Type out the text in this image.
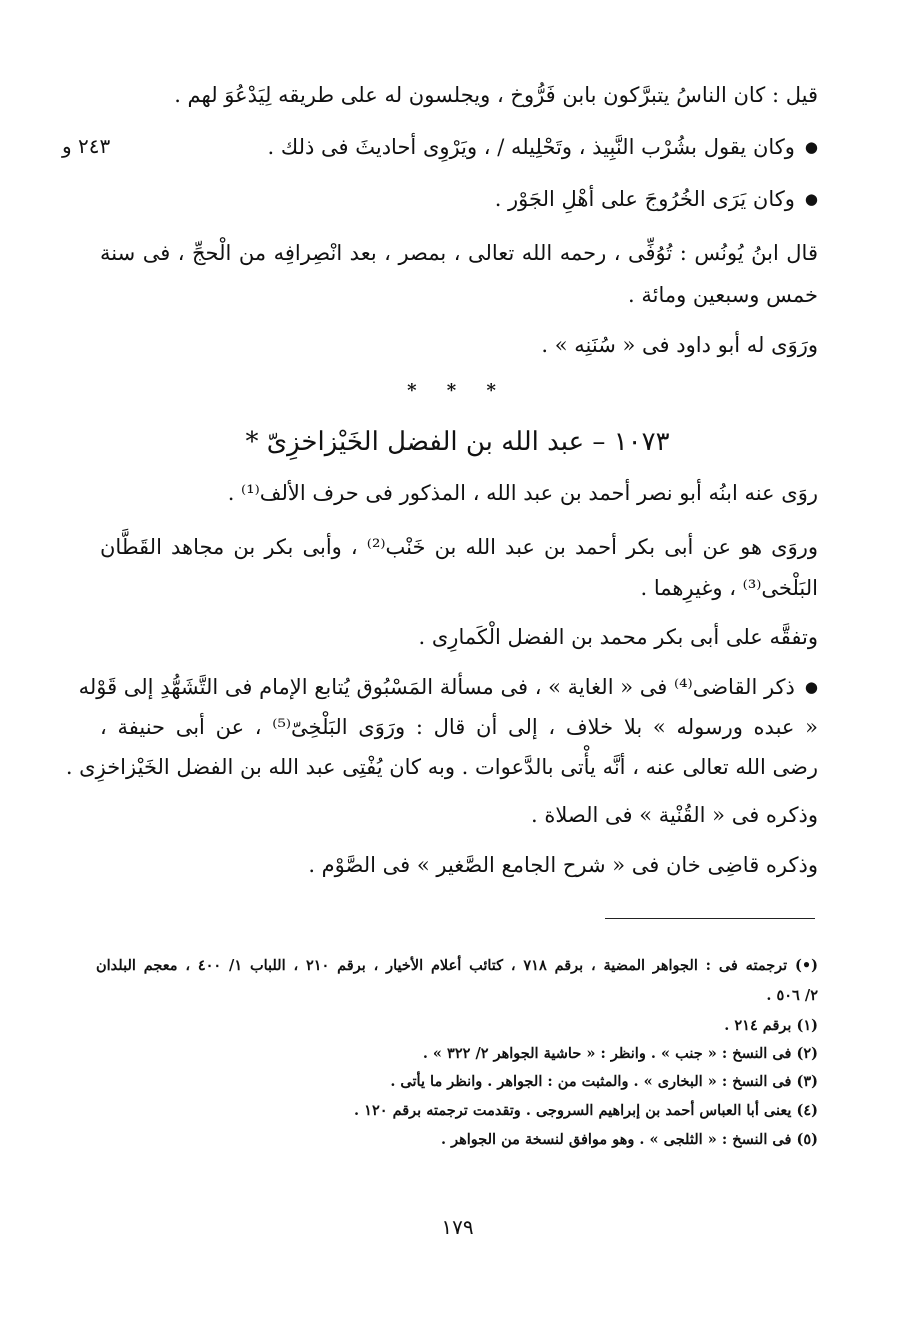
قيل : كان الناسُ يتبرَّكون بابن فَرُّوخ ، ويجلسون له على طريقه لِيَدْعُوَ لهم .
● وكان يقول بشُرْب النَّبِيذ ، وتَحْلِيله / ، ويَرْوِى أحاديثَ فى ذلك .
٢٤٣ و
● وكان يَرَى الخُرُوجَ على أهْلِ الجَوْر .
قال ابنُ يُونُس : تُوُفِّى ، رحمه الله تعالى ، بمصر ، بعد انْصِرافِه من الْحجِّ ، فى سنة
خمس وسبعين ومائة .
ورَوَى له أبو داود فى « سُنَنِه » .
* * *
١٠٧٣ – عبد الله بن الفضل الخَيْزاخزِىّ *
روَى عنه ابنُه أبو نصر أحمد بن عبد الله ، المذكور فى حرف الألف⁽¹⁾ .
وروَى هو عن أبى بكر أحمد بن عبد الله بن خَنْب⁽²⁾ ، وأبى بكر بن مجاهد القَطَّان
البَلْخى⁽³⁾ ، وغيرِهما .
وتفقَّه على أبى بكر محمد بن الفضل الْكَمارِى .
● ذكر القاضى⁽⁴⁾ فى « الغاية » ، فى مسألة المَسْبُوق يُتابع الإمام فى التَّشَهُّدِ إلى قَوْله
« عبده ورسوله » بلا خلاف ، إلى أن قال : ورَوَى البَلْخِىّ⁽⁵⁾ ، عن أبى حنيفة ،
رضى الله تعالى عنه ، أنَّه يأْتى بالدَّعوات . وبه كان يُفْتِى عبد الله بن الفضل الخَيْزاخزِى .
وذكره فى « القُنْية » فى الصلاة .
وذكره قاضِى خان فى « شرح الجامع الصَّغير » فى الصَّوْم .
(•) ترجمته فى : الجواهر المضية ، برقم ٧١٨ ، كتائب أعلام الأخيار ، برقم ٢١٠ ، اللباب ١/ ٤٠٠ ، معجم البلدان
٢/ ٥٠٦ .
(١) برقم ٢١٤ .
(٢) فى النسخ : « جنب » . وانظر : « حاشية الجواهر ٢/ ٣٢٢ » .
(٣) فى النسخ : « البخارى » . والمثبت من : الجواهر . وانظر ما يأتى .
(٤) يعنى أبا العباس أحمد بن إبراهيم السروجى . وتقدمت ترجمته برقم ١٢٠ .
(٥) فى النسخ : « الثلجى » . وهو موافق لنسخة من الجواهر .
١٧٩
